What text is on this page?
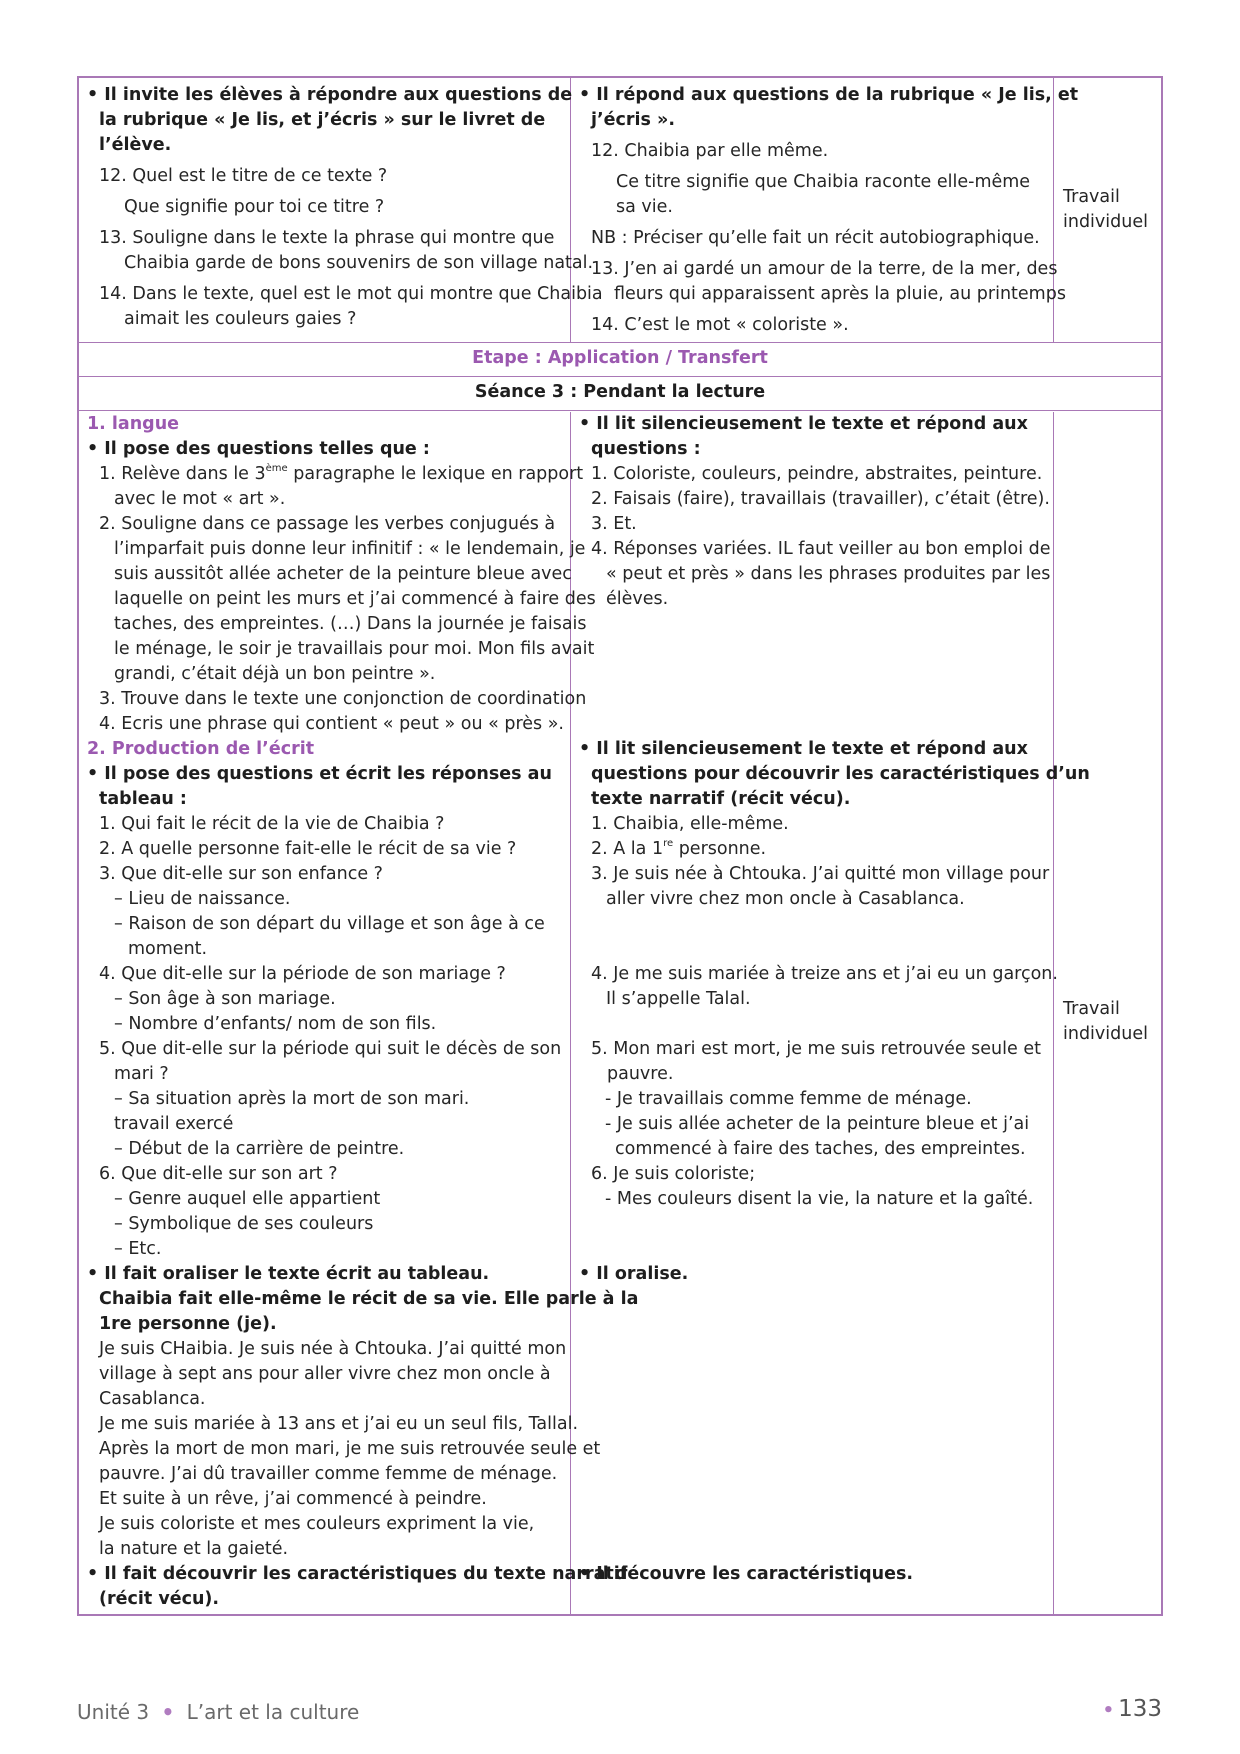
• Il invite les élèves à répondre aux questions de
la rubrique « Je lis, et j’écris » sur le livret de
l’élève.
12. Quel est le titre de ce texte ?
Que signifie pour toi ce titre ?
13. Souligne dans le texte la phrase qui montre que
Chaibia garde de bons souvenirs de son village natal.
14. Dans le texte, quel est le mot qui montre que Chaibia
aimait les couleurs gaies ?
• Il répond aux questions de la rubrique « Je lis, et
j’écris ».
12. Chaibia par elle même.
Ce titre signifie que Chaibia raconte elle-même
sa vie.
NB : Préciser qu’elle fait un récit autobiographique.
13. J’en ai gardé un amour de la terre, de la mer, des
fleurs qui apparaissent après la pluie, au printemps
14. C’est le mot « coloriste ».
Travail
individuel
Etape : Application / Transfert
Séance 3 : Pendant la lecture
1. langue
• Il pose des questions telles que :
1. Relève dans le 3ème paragraphe le lexique en rapport
avec le mot « art ».
2. Souligne dans ce passage les verbes conjugués à
l’imparfait puis donne leur infinitif : « le lendemain, je
suis aussitôt allée acheter de la peinture bleue avec
laquelle on peint les murs et j’ai commencé à faire des
taches, des empreintes. (…) Dans la journée je faisais
le ménage, le soir je travaillais pour moi. Mon fils avait
grandi, c’était déjà un bon peintre ».
3. Trouve dans le texte une conjonction de coordination
4. Ecris une phrase qui contient « peut » ou « près ».
2. Production de l’écrit
• Il pose des questions et écrit les réponses au
tableau :
1. Qui fait le récit de la vie de Chaibia ?
2. A quelle personne fait-elle le récit de sa vie ?
3. Que dit-elle sur son enfance ?
– Lieu de naissance.
– Raison de son départ du village et son âge à ce
moment.
4. Que dit-elle sur la période de son mariage ?
– Son âge à son mariage.
– Nombre d’enfants/ nom de son fils.
5. Que dit-elle sur la période qui suit le décès de son
mari ?
– Sa situation après la mort de son mari.
travail exercé
– Début de la carrière de peintre.
6. Que dit-elle sur son art ?
– Genre auquel elle appartient
– Symbolique de ses couleurs
– Etc.
• Il fait oraliser le texte écrit au tableau.
Chaibia fait elle-même le récit de sa vie. Elle parle à la
1re personne (je).
Je suis CHaibia. Je suis née à Chtouka. J’ai quitté mon
village à sept ans pour aller vivre chez mon oncle à
Casablanca.
Je me suis mariée à 13 ans et j’ai eu un seul fils, Tallal.
Après la mort de mon mari, je me suis retrouvée seule et
pauvre. J’ai dû travailler comme femme de ménage.
Et suite à un rêve, j’ai commencé à peindre.
Je suis coloriste et mes couleurs expriment la vie,
la nature et la gaieté.
• Il fait découvrir les caractéristiques du texte narratif
(récit vécu).
• Il lit silencieusement le texte et répond aux
questions :
1. Coloriste, couleurs, peindre, abstraites, peinture.
2. Faisais (faire), travaillais (travailler), c’était (être).
3. Et.
4. Réponses variées. IL faut veiller au bon emploi de
« peut et près » dans les phrases produites par les
élèves.
• Il lit silencieusement le texte et répond aux
questions pour découvrir les caractéristiques d’un
texte narratif (récit vécu).
1. Chaibia, elle-même.
2. A la 1re personne.
3. Je suis née à Chtouka. J’ai quitté mon village pour
aller vivre chez mon oncle à Casablanca.
4. Je me suis mariée à treize ans et j’ai eu un garçon.
Il s’appelle Talal.
5. Mon mari est mort, je me suis retrouvée seule et
pauvre.
- Je travaillais comme femme de ménage.
- Je suis allée acheter de la peinture bleue et j’ai
commencé à faire des taches, des empreintes.
6. Je suis coloriste;
- Mes couleurs disent la vie, la nature et la gaîté.
• Il oralise.
• Il découvre les caractéristiques.
Travail
individuel
Unité 3 • L’art et la culture	• 133
